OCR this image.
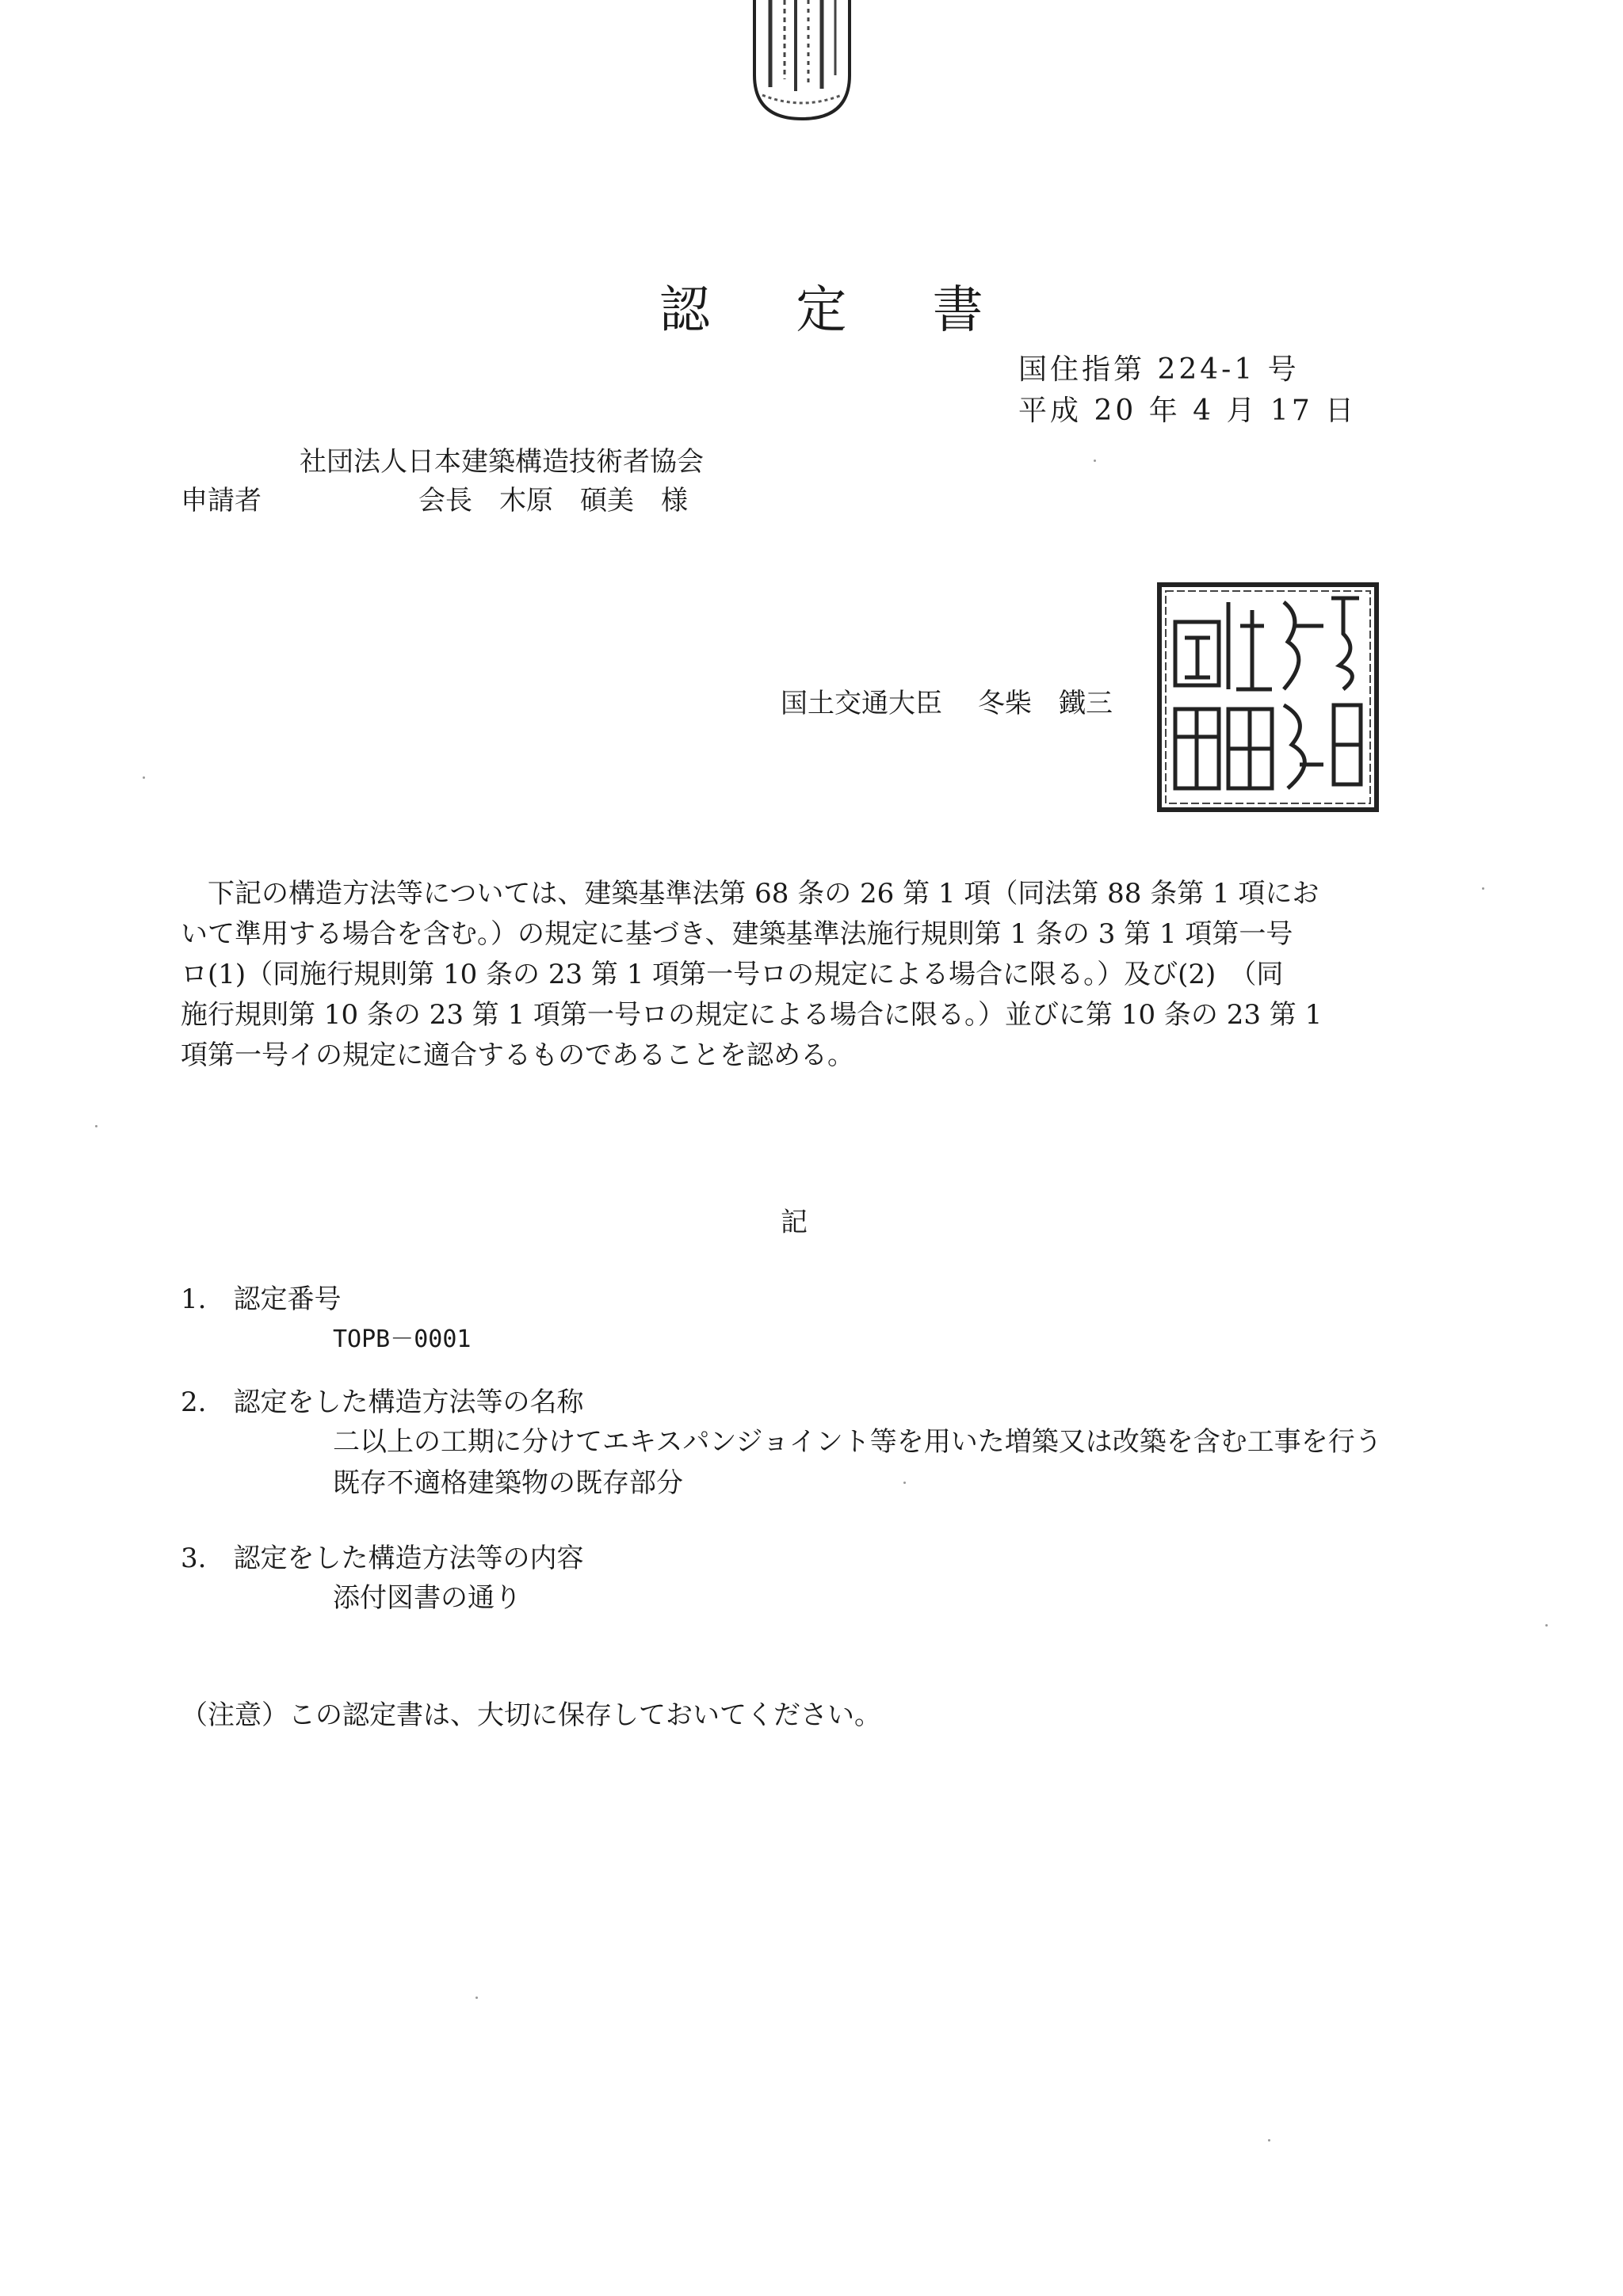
認 定 書
国住指第 224-1 号
平成 20 年 4 月 17 日
社団法人日本建築構造技術者協会
申請者	会長　木原　碩美　様
国土交通大臣 冬柴　鐵三
　下記の構造方法等については、建築基準法第 68 条の 26 第 1 項（同法第 88 条第 1 項にお
いて準用する場合を含む。）の規定に基づき、建築基準法施行規則第 1 条の 3 第 1 項第一号
ロ(1)（同施行規則第 10 条の 23 第 1 項第一号ロの規定による場合に限る。）及び(2)　（同
施行規則第 10 条の 23 第 1 項第一号ロの規定による場合に限る。）並びに第 10 条の 23 第 1
項第一号イの規定に適合するものであることを認める。
記
1.　認定番号
TOPB－0001
2.　認定をした構造方法等の名称
二以上の工期に分けてエキスパンジョイント等を用いた増築又は改築を含む工事を行う
既存不適格建築物の既存部分
3.　認定をした構造方法等の内容
添付図書の通り
（注意）この認定書は、大切に保存しておいてください。
